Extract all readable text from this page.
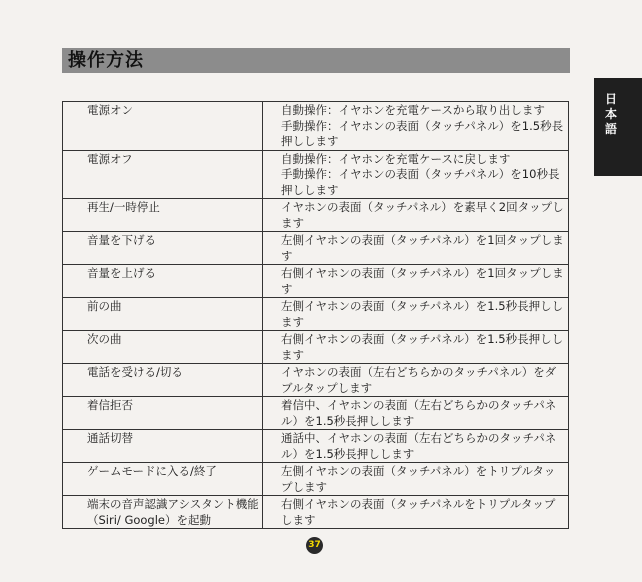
操作方法
日本語
電源オン	自動操作：イヤホンを充電ケースから取り出します
手動操作：イヤホンの表面（タッチパネル）を1.5秒長押しします
電源オフ	自動操作：イヤホンを充電ケースに戻します
手動操作：イヤホンの表面（タッチパネル）を10秒長押しします
再生/一時停止	イヤホンの表面（タッチパネル）を素早く2回タップします
音量を下げる	左側イヤホンの表面（タッチパネル）を1回タップします
音量を上げる	右側イヤホンの表面（タッチパネル）を1回タップします
前の曲	左側イヤホンの表面（タッチパネル）を1.5秒長押しします
次の曲	右側イヤホンの表面（タッチパネル）を1.5秒長押しします
電話を受ける/切る	イヤホンの表面（左右どちらかのタッチパネル）をダブルタップします
着信拒否	着信中、イヤホンの表面（左右どちらかのタッチパネル）を1.5秒長押しします
通話切替	通話中、イヤホンの表面（左右どちらかのタッチパネル）を1.5秒長押しします
ゲームモードに入る/終了	左側イヤホンの表面（タッチパネル）をトリプルタップします
端末の音声認識アシスタント機能（Siri/ Google）を起動	右側イヤホンの表面（タッチパネルをトリプルタップします
37
